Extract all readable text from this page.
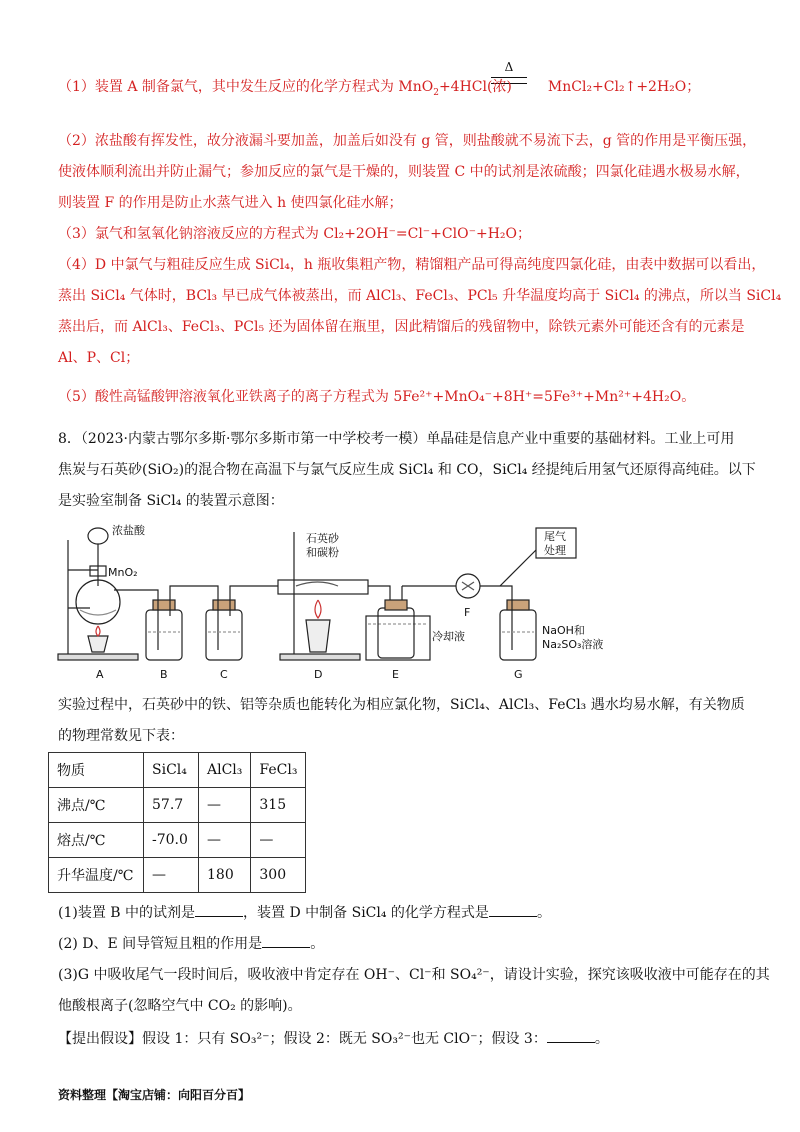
Δ
（1）装置 A 制备氯气，其中发生反应的化学方程式为 MnO$_2$+4HCl(浓)	MnCl₂+Cl₂↑+2H₂O；
（2）浓盐酸有挥发性，故分液漏斗要加盖，加盖后如没有 g 管，则盐酸就不易流下去，g 管的作用是平衡压强，
使液体顺利流出并防止漏气；参加反应的氯气是干燥的，则装置 C 中的试剂是浓硫酸；四氯化硅遇水极易水解，
则装置 F 的作用是防止水蒸气进入 h 使四氯化硅水解；
（3）氯气和氢氧化钠溶液反应的方程式为 Cl₂+2OH⁻=Cl⁻+ClO⁻+H₂O；
（4）D 中氯气与粗硅反应生成 SiCl₄，h 瓶收集粗产物，精馏粗产品可得高纯度四氯化硅，由表中数据可以看出，
蒸出 SiCl₄ 气体时，BCl₃ 早已成气体被蒸出，而 AlCl₃、FeCl₃、PCl₅ 升华温度均高于 SiCl₄ 的沸点，所以当 SiCl₄
蒸出后，而 AlCl₃、FeCl₃、PCl₅ 还为固体留在瓶里，因此精馏后的残留物中，除铁元素外可能还含有的元素是
Al、P、Cl；
（5）酸性高锰酸钾溶液氧化亚铁离子的离子方程式为 5Fe²⁺+MnO₄⁻+8H⁺=5Fe³⁺+Mn²⁺+4H₂O。
8．（2023·内蒙古鄂尔多斯·鄂尔多斯市第一中学校考一模）单晶硅是信息产业中重要的基础材料。工业上可用
焦炭与石英砂(SiO₂)的混合物在高温下与氯气反应生成 SiCl₄ 和 CO，SiCl₄ 经提纯后用氢气还原得高纯硅。以下
是实验室制备 SiCl₄ 的装置示意图：
浓盐酸
MnO₂
石英砂
和碳粉
冷却液
尾气
处理
NaOH和
Na₂SO₃溶液
A	B	C	D	E
F
G
实验过程中，石英砂中的铁、铝等杂质也能转化为相应氯化物，SiCl₄、AlCl₃、FeCl₃ 遇水均易水解，有关物质
的物理常数见下表：
物质	SiCl₄	AlCl₃	FeCl₃
沸点/℃	57.7	—	315
熔点/℃	-70.0	—	—
升华温度/℃	—	180	300
(1)装置 B 中的试剂是	，装置 D 中制备 SiCl₄ 的化学方程式是	。
(2) D、E 间导管短且粗的作用是	。
(3)G 中吸收尾气一段时间后，吸收液中肯定存在 OH⁻、Cl⁻和 SO₄²⁻，请设计实验，探究该吸收液中可能存在的其
他酸根离子(忽略空气中 CO₂ 的影响)。
【提出假设】假设 1：只有 SO₃²⁻；假设 2：既无 SO₃²⁻也无 ClO⁻；假设 3：	。
资料整理【淘宝店铺：向阳百分百】
